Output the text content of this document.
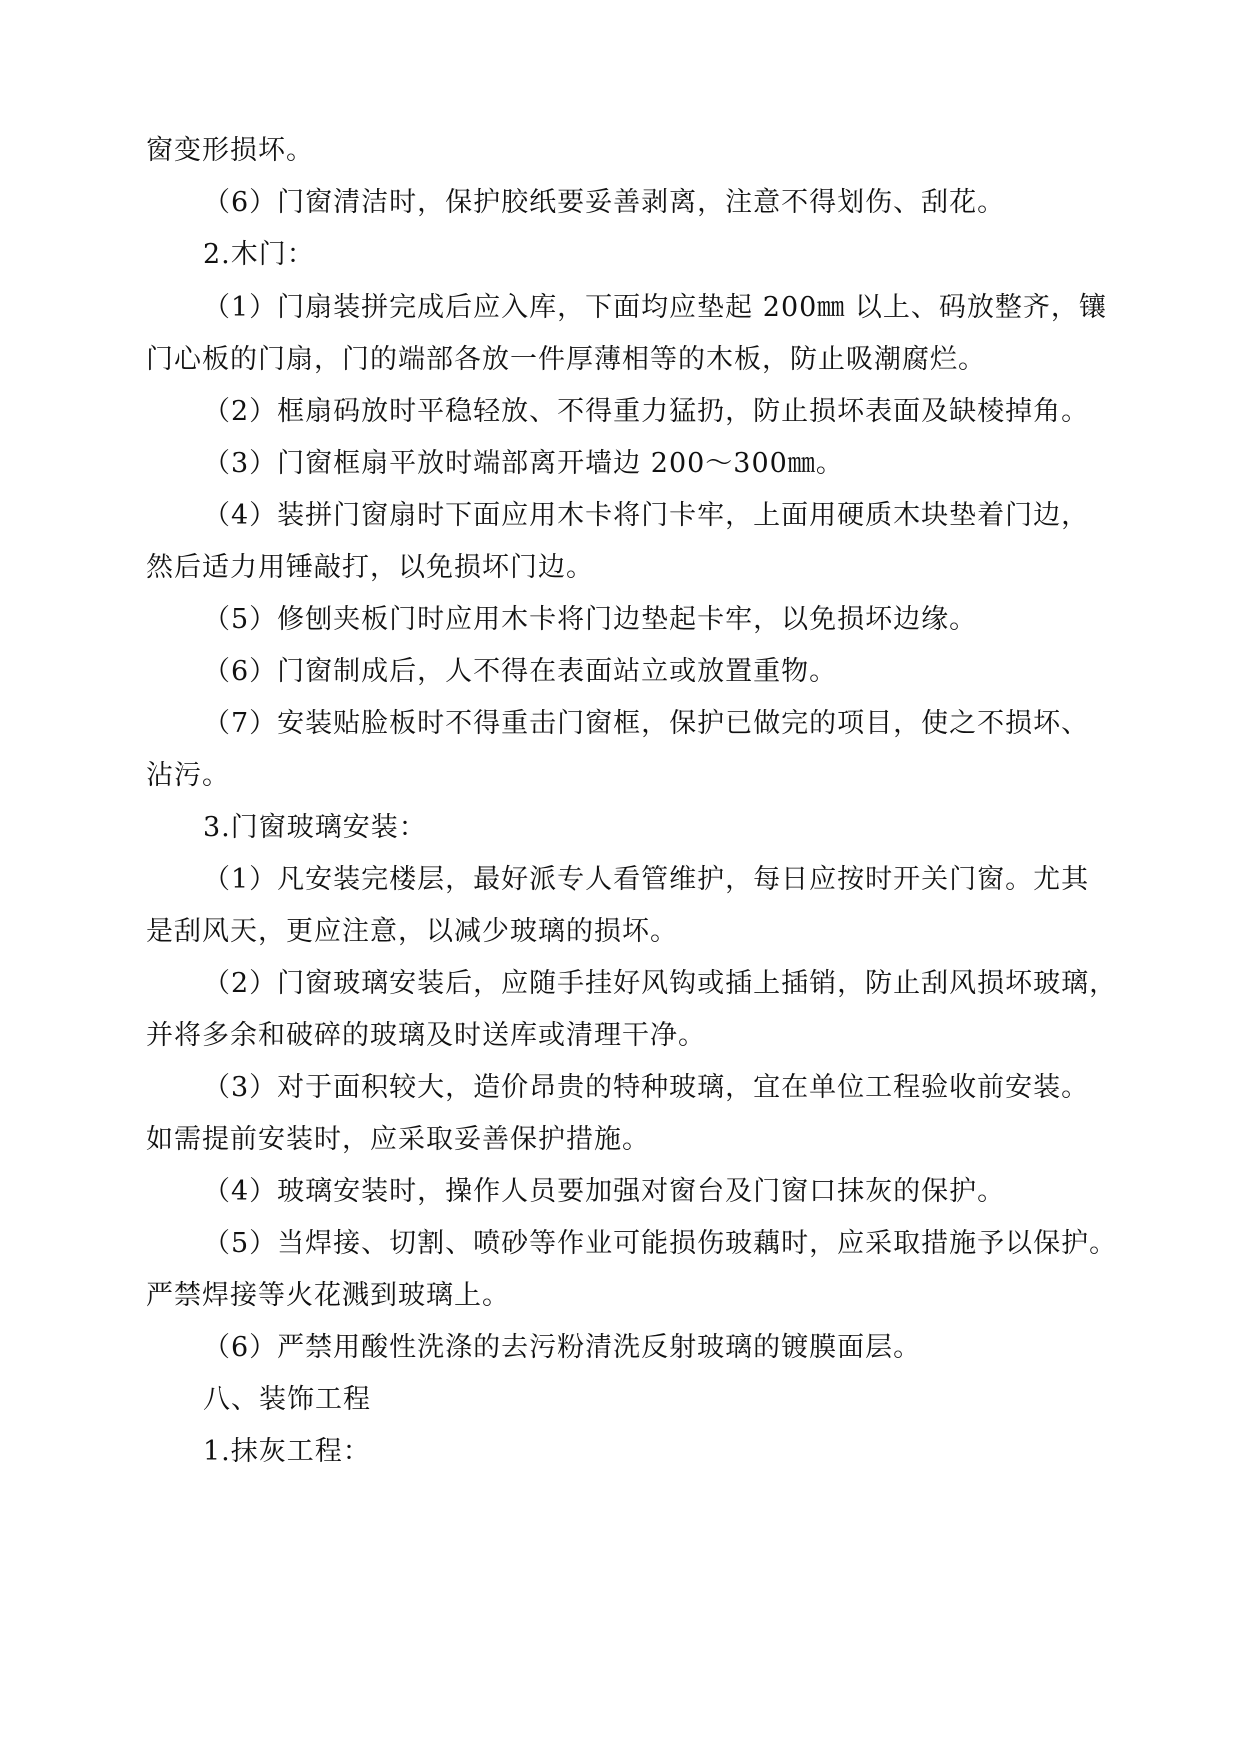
窗变形损坏。
（6）门窗清洁时，保护胶纸要妥善剥离，注意不得划伤、刮花。
2.木门：
（1）门扇装拼完成后应入库，下面均应垫起 200㎜ 以上、码放整齐，镶
门心板的门扇，门的端部各放一件厚薄相等的木板，防止吸潮腐烂。
（2）框扇码放时平稳轻放、不得重力猛扔，防止损坏表面及缺棱掉角。
（3）门窗框扇平放时端部离开墙边 200～300㎜。
（4）装拼门窗扇时下面应用木卡将门卡牢，上面用硬质木块垫着门边，
然后适力用锤敲打，以免损坏门边。
（5）修刨夹板门时应用木卡将门边垫起卡牢，以免损坏边缘。
（6）门窗制成后，人不得在表面站立或放置重物。
（7）安装贴脸板时不得重击门窗框，保护已做完的项目，使之不损坏、
沾污。
3.门窗玻璃安装：
（1）凡安装完楼层，最好派专人看管维护，每日应按时开关门窗。尤其
是刮风天，更应注意，以减少玻璃的损坏。
（2）门窗玻璃安装后，应随手挂好风钩或插上插销，防止刮风损坏玻璃，
并将多余和破碎的玻璃及时送库或清理干净。
（3）对于面积较大，造价昂贵的特种玻璃，宜在单位工程验收前安装。
如需提前安装时，应采取妥善保护措施。
（4）玻璃安装时，操作人员要加强对窗台及门窗口抹灰的保护。
（5）当焊接、切割、喷砂等作业可能损伤玻藕时，应采取措施予以保护。
严禁焊接等火花溅到玻璃上。
（6）严禁用酸性洗涤的去污粉清洗反射玻璃的镀膜面层。
八、装饰工程
1.抹灰工程：
